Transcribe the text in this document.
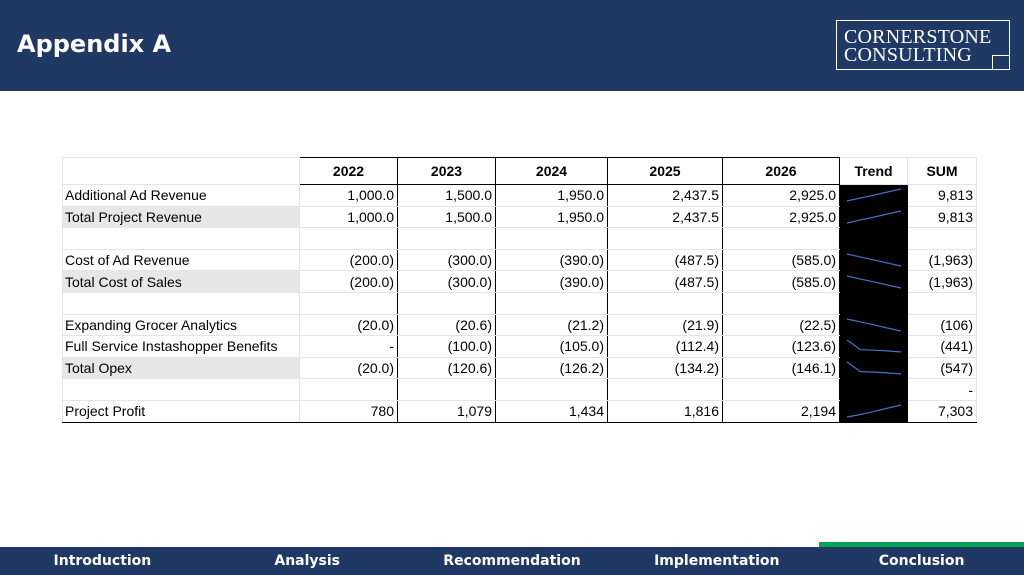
Appendix A	CORNERSTONE
CONSULTING
	2022	2023	2024	2025	2026	Trend	SUM
Additional Ad Revenue	1,000.0	1,500.0	1,950.0	2,437.5	2,925.0		9,813
Total Project Revenue	1,000.0	1,500.0	1,950.0	2,437.5	2,925.0		9,813

Cost of Ad Revenue	(200.0)	(300.0)	(390.0)	(487.5)	(585.0)		(1,963)
Total Cost of Sales	(200.0)	(300.0)	(390.0)	(487.5)	(585.0)		(1,963)

Expanding Grocer Analytics	(20.0)	(20.6)	(21.2)	(21.9)	(22.5)		(106)
Full Service Instashopper Benefits	-	(100.0)	(105.0)	(112.4)	(123.6)		(441)
Total Opex	(20.0)	(120.6)	(126.2)	(134.2)	(146.1)		(547)
							-
Project Profit	780	1,079	1,434	1,816	2,194		7,303
Introduction	Analysis	Recommendation	Implementation	Conclusion
